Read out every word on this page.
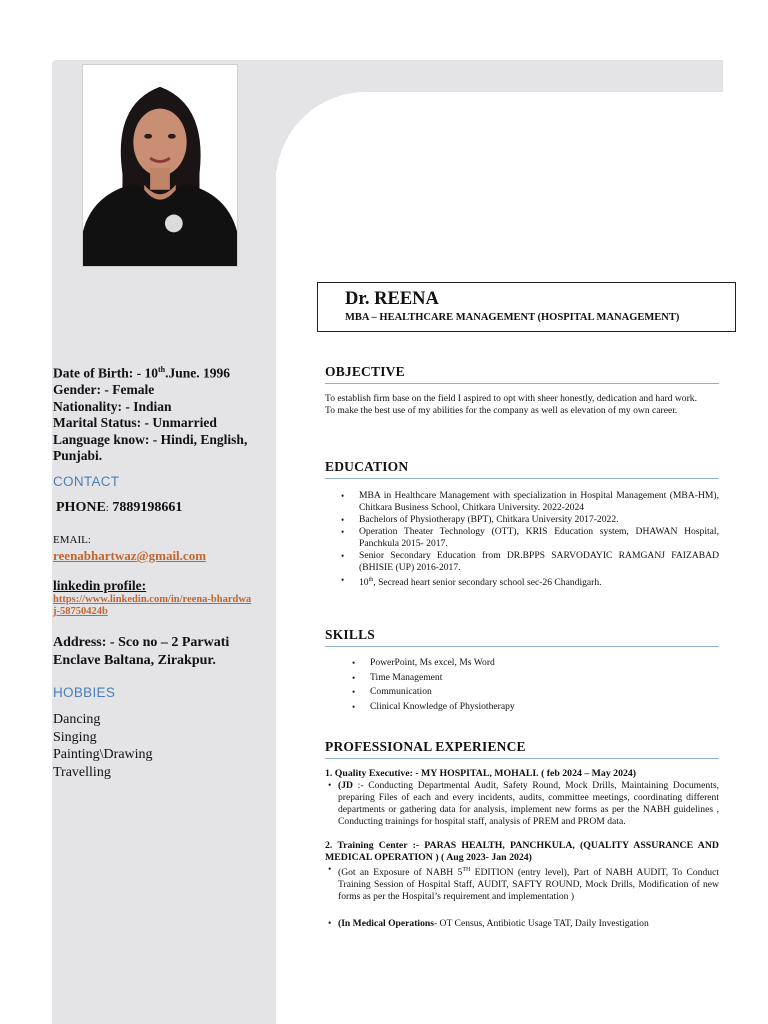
Date of Birth: - 10th.June. 1996
Gender: - Female
Nationality: - Indian
Marital Status: - Unmarried
Language know: - Hindi, English, Punjabi.
CONTACT
PHONE: 7889198661
EMAIL:
reenabhartwaz@gmail.com
linkedin profile:
https://www.linkedin.com/in/reena-bhardwaj-58750424b
Address: - Sco no – 2 Parwati Enclave Baltana, Zirakpur.
HOBBIES
Dancing
Singing
Painting\Drawing
Travelling
Dr. REENA
MBA – HEALTHCARE MANAGEMENT (HOSPITAL MANAGEMENT)
OBJECTIVE
To establish firm base on the field I aspired to opt with sheer honestly, dedication and hard work.
To make the best use of my abilities for the company as well as elevation of my own career.
EDUCATION
• MBA in Healthcare Management with specialization in Hospital Management (MBA-HM), Chitkara Business School, Chitkara University. 2022-2024
• Bachelors of Physiotherapy (BPT), Chitkara University 2017-2022.
• Operation Theater Technology (OTT), KRIS Education system, DHAWAN Hospital, Panchkula 2015- 2017.
• Senior Secondary Education from DR.BPPS SARVODAYIC RAMGANJ FAIZABAD (BHISIE (UP) 2016-2017.
• 10th, Secread heart senior secondary school sec-26 Chandigarh.
SKILLS
• PowerPoint, Ms excel, Ms Word
• Time Management
• Communication
• Clinical Knowledge of Physiotherapy
PROFESSIONAL EXPERIENCE
1. Quality Executive: - MY HOSPITAL, MOHALI. ( feb 2024 – May 2024)
• (JD :- Conducting Departmental Audit, Safety Round, Mock Drills, Maintaining Documents, preparing Files of each and every incidents, audits, committee meetings, coordinating different departments or gathering data for analysis, implement new forms as per the NABH guidelines , Conducting trainings for hospital staff, analysis of PREM and PROM data.
2. Training Center :- PARAS HEALTH, PANCHKULA, (QUALITY ASSURANCE AND MEDICAL OPERATION ) ( Aug 2023- Jan 2024)
• (Got an Exposure of NABH 5TH EDITION (entry level), Part of NABH AUDIT, To Conduct Training Session of Hospital Staff, AUDIT, SAFTY ROUND, Mock Drills, Modification of new forms as per the Hospital’s requirement and implementation )
• (In Medical Operations- OT Census, Antibiotic Usage TAT, Daily Investigation
